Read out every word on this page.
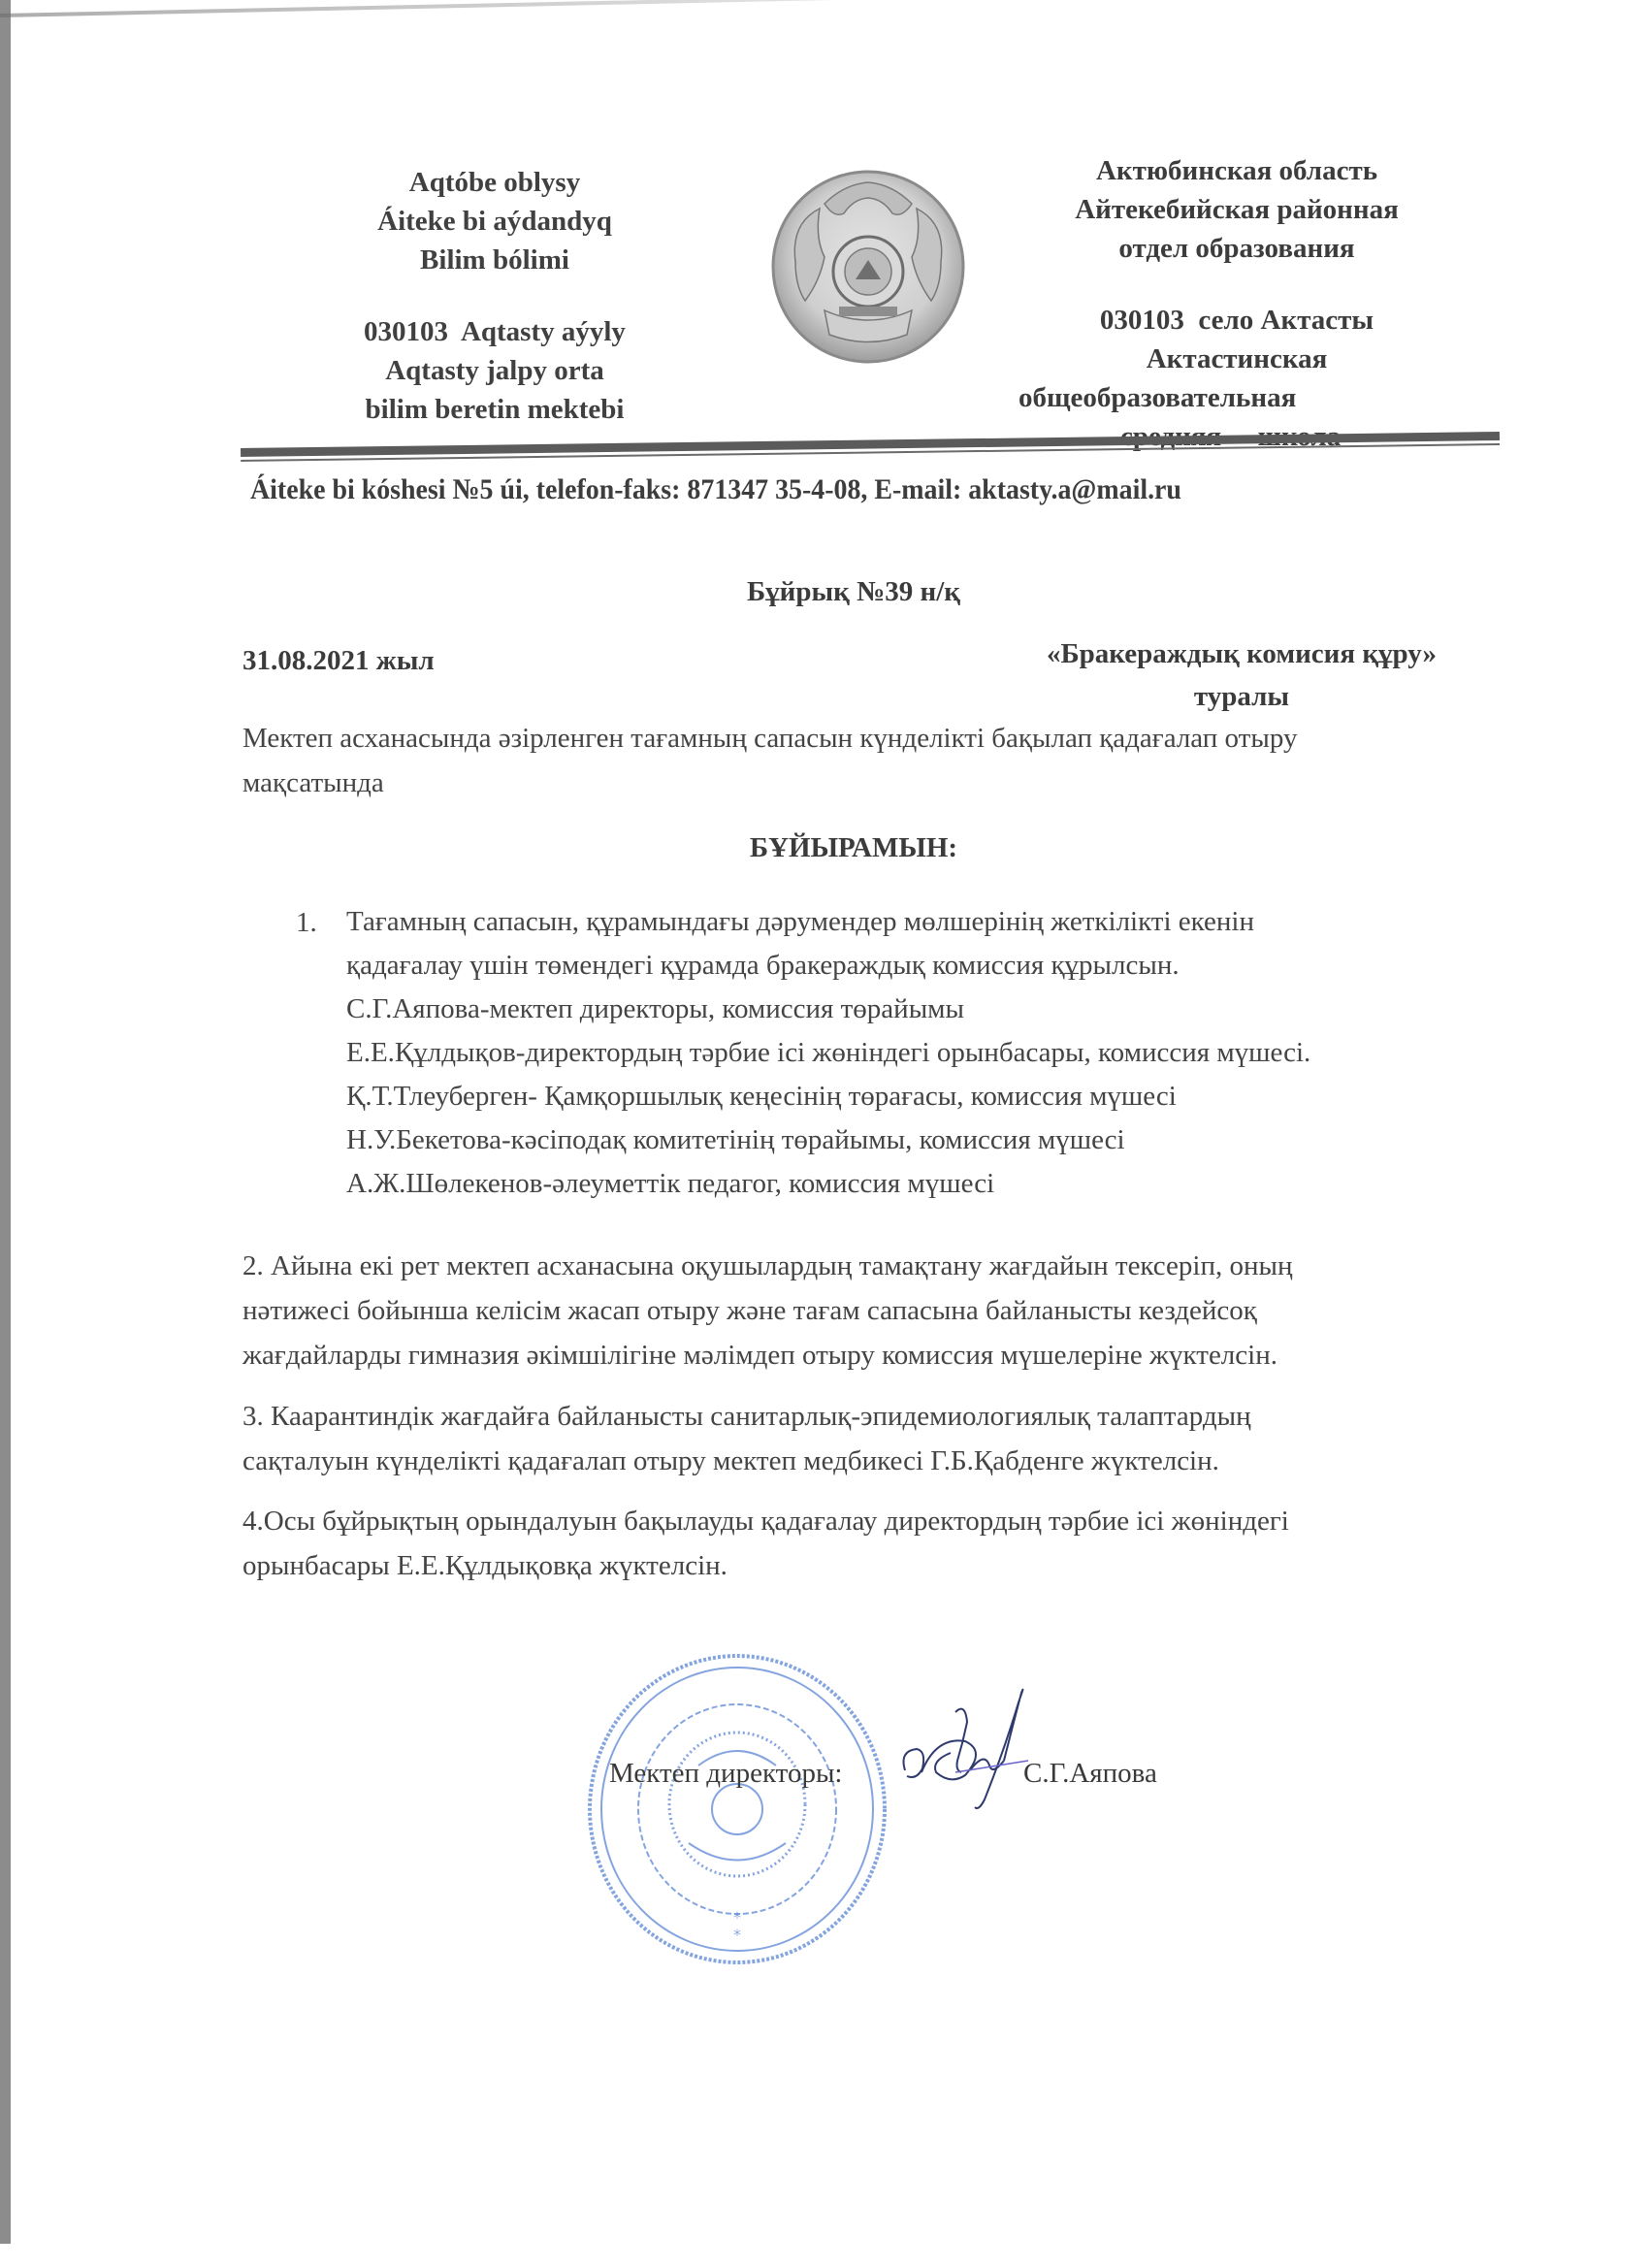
Aqtóbe oblysy
Áiteke bi aýdandyq
Bilim bólimi
030103  Aqtasty aýyly
Aqtasty jalpy orta
bilim beretin mektebi
Актюбинская область
Айтекебийская районная
отдел образования
030103  село Актасты
Актастинская
общеобразовательная
Áiteke bi kóshesi №5 úi, telefon-faks: 871347 35-4-08, E-mail: aktasty.a@mail.ru
Бұйрық №39 н/қ
31.08.2021 жыл	«Бракераждық комисия құру»
туралы
Мектеп асханасында әзірленген тағамның сапасын күнделікті бақылап қадағалап отыру
мақсатында
БҰЙЫРАМЫН:
1. Тағамның сапасын, құрамындағы дәрумендер мөлшерінің жеткілікті екенін
қадағалау үшін төмендегі құрамда бракераждық комиссия құрылсын.
С.Г.Аяпова-мектеп директоры, комиссия төрайымы
Е.Е.Құлдықов-директордың тәрбие ісі жөніндегі орынбасары, комиссия мүшесі.
Қ.Т.Тлеуберген- Қамқоршылық кеңесінің төрағасы, комиссия мүшесі
Н.У.Бекетова-кәсіподақ комитетінің төрайымы, комиссия мүшесі
А.Ж.Шөлекенов-әлеуметтік педагог, комиссия мүшесі
2. Айына екі рет мектеп асханасына оқушылардың тамақтану жағдайын тексеріп, оның
нәтижесі бойынша келісім жасап отыру және тағам сапасына байланысты кездейсоқ
жағдайларды гимназия әкімшілігіне мәлімдеп отыру комиссия мүшелеріне жүктелсін.
3. Каарантиндік жағдайға байланысты санитарлық-эпидемиологиялық талаптардың
сақталуын күнделікті қадағалап отыру мектеп медбикесі Г.Б.Қабденге жүктелсін.
4.Осы бұйрықтың орындалуын бақылауды қадағалау директордың тәрбие ісі жөніндегі
орынбасары Е.Е.Құлдықовқа жүктелсін.
*
*
Мектеп директоры:	С.Г.Аяпова
